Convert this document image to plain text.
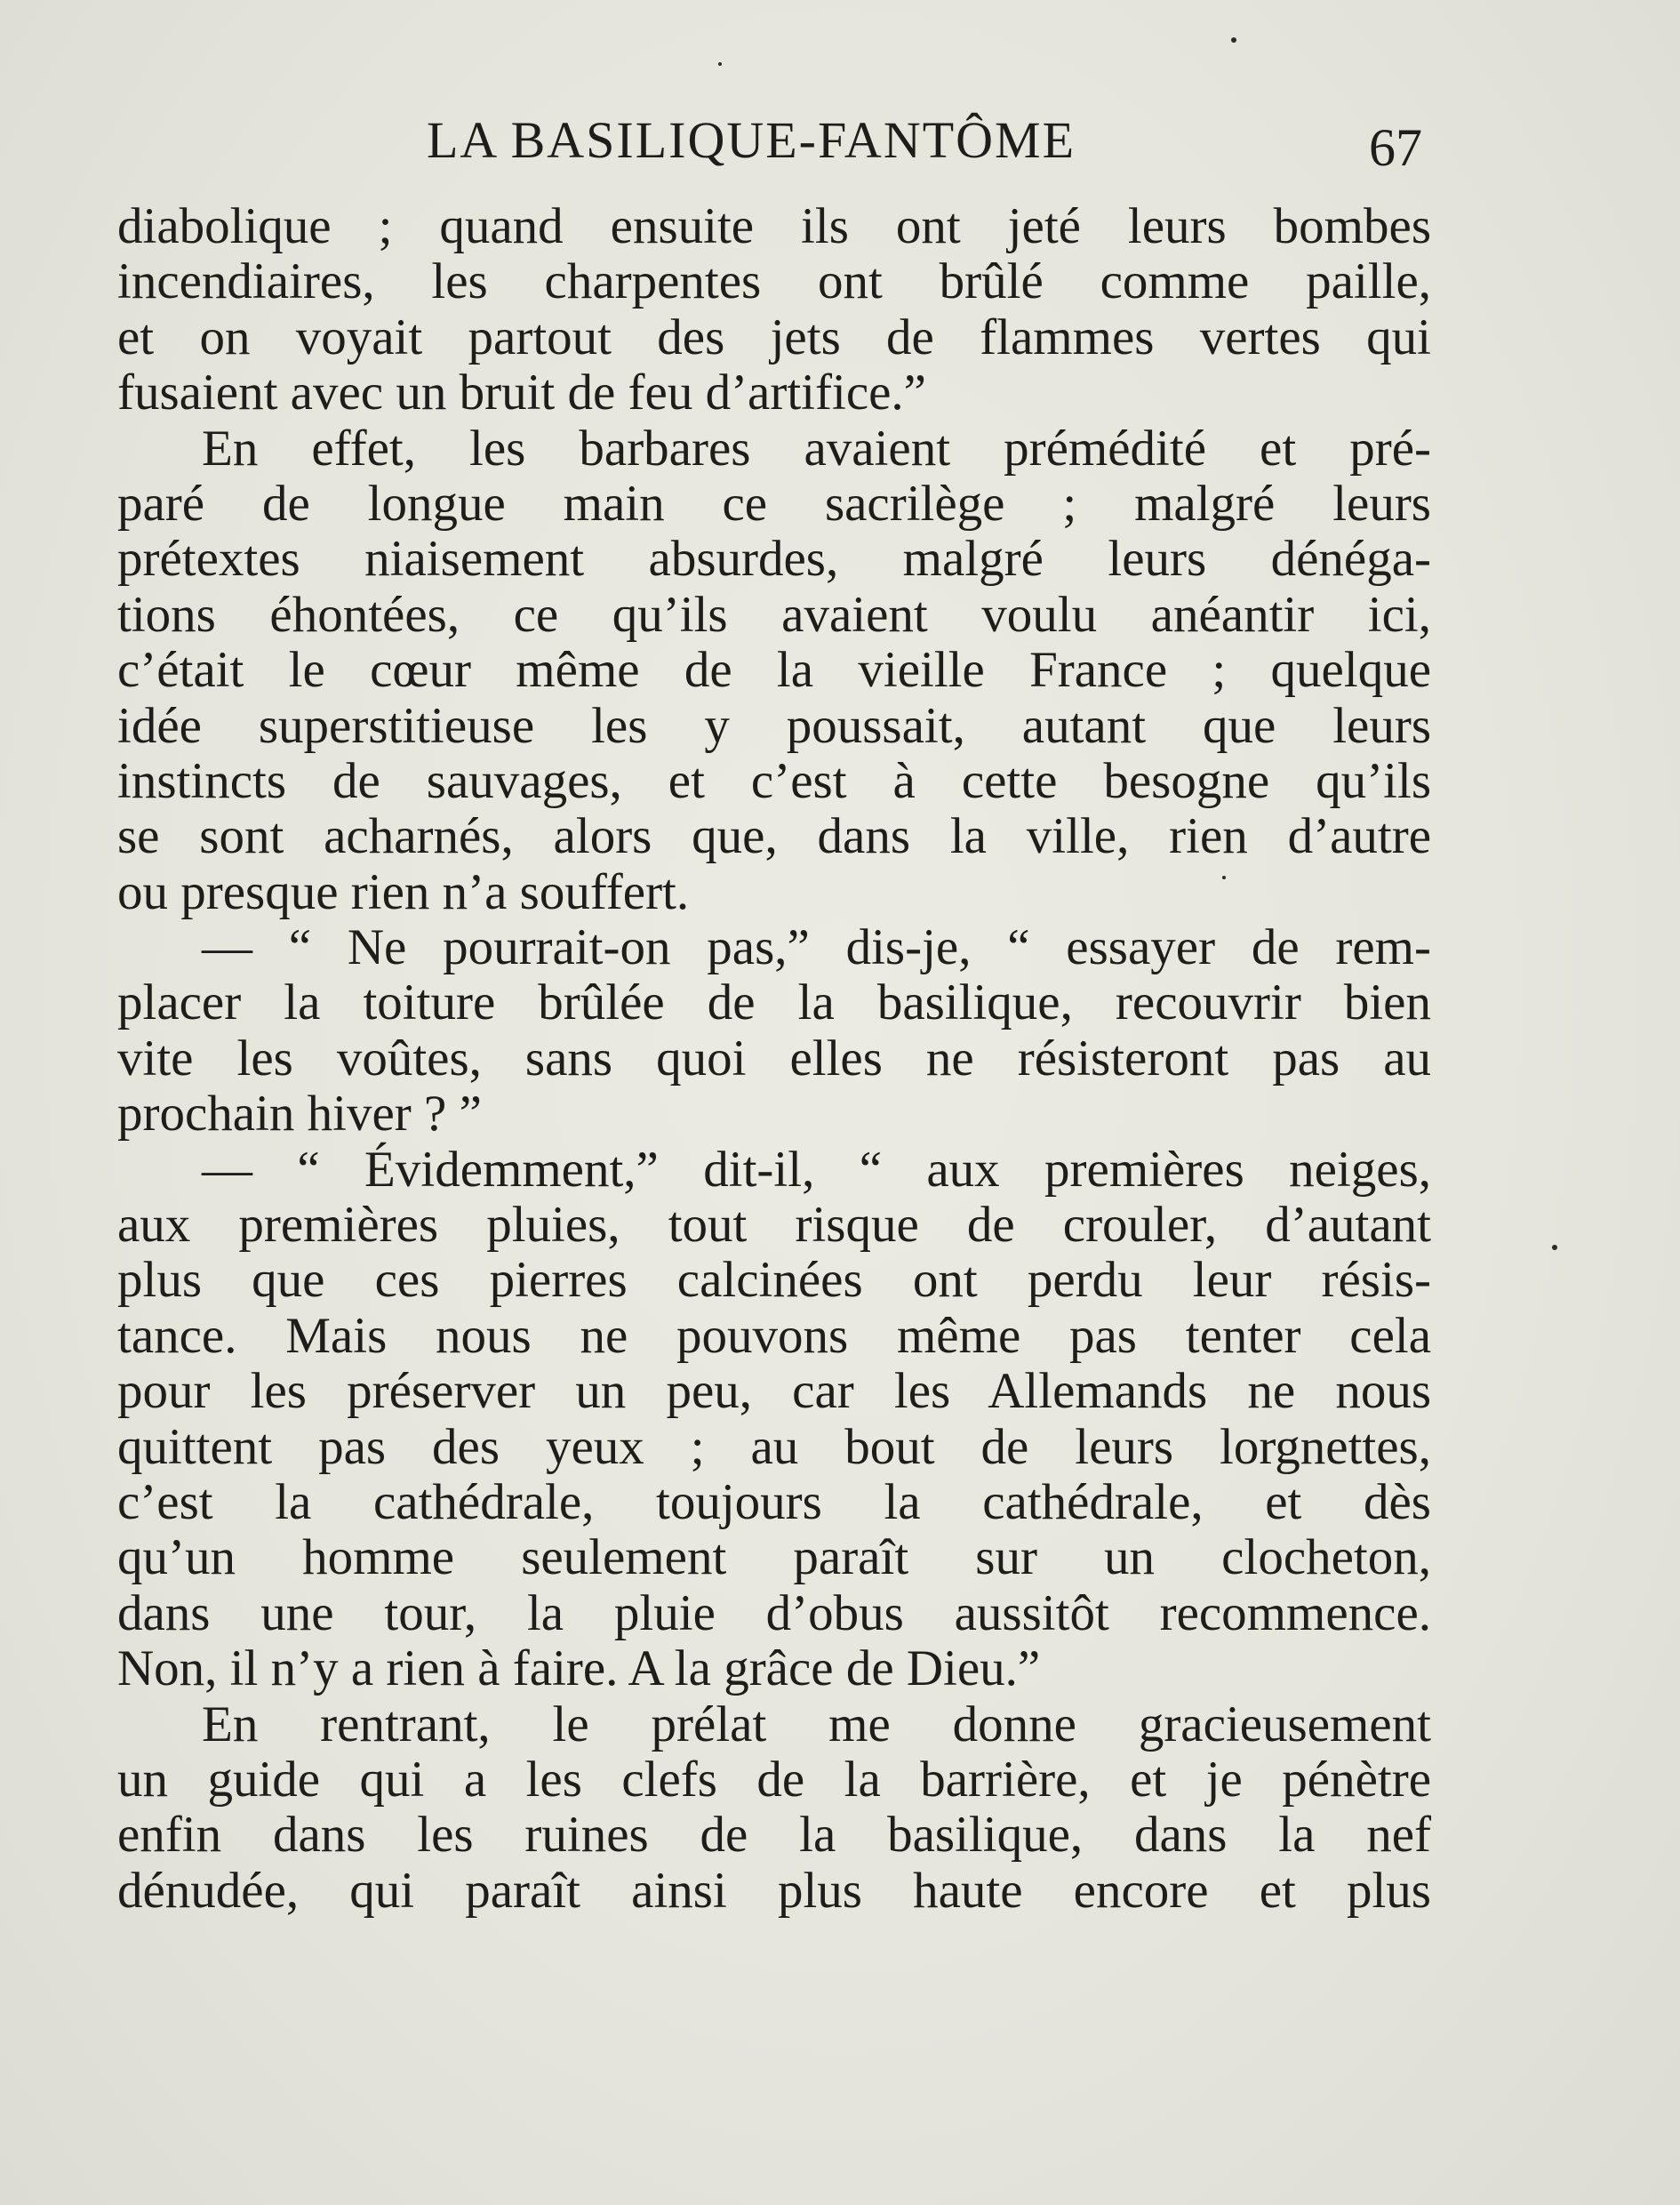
LA BASILIQUE-FANTÔME	67
diabolique ; quand ensuite ils ont jeté leurs bombes
incendiaires, les charpentes ont brûlé comme paille,
et on voyait partout des jets de flammes vertes qui
fusaient avec un bruit de feu d’artifice.”
En effet, les barbares avaient prémédité et pré-
paré de longue main ce sacrilège ; malgré leurs
prétextes niaisement absurdes, malgré leurs dénéga-
tions éhontées, ce qu’ils avaient voulu anéantir ici,
c’était le cœur même de la vieille France ; quelque
idée superstitieuse les y poussait, autant que leurs
instincts de sauvages, et c’est à cette besogne qu’ils
se sont acharnés, alors que, dans la ville, rien d’autre
ou presque rien n’a souffert.
— “ Ne pourrait-on pas,” dis-je, “ essayer de rem-
placer la toiture brûlée de la basilique, recouvrir bien
vite les voûtes, sans quoi elles ne résisteront pas au
prochain hiver ? ”
— “ Évidemment,” dit-il, “ aux premières neiges,
aux premières pluies, tout risque de crouler, d’autant
plus que ces pierres calcinées ont perdu leur résis-
tance. Mais nous ne pouvons même pas tenter cela
pour les préserver un peu, car les Allemands ne nous
quittent pas des yeux ; au bout de leurs lorgnettes,
c’est la cathédrale, toujours la cathédrale, et dès
qu’un homme seulement paraît sur un clocheton,
dans une tour, la pluie d’obus aussitôt recommence.
Non, il n’y a rien à faire. A la grâce de Dieu.”
En rentrant, le prélat me donne gracieusement
un guide qui a les clefs de la barrière, et je pénètre
enfin dans les ruines de la basilique, dans la nef
dénudée, qui paraît ainsi plus haute encore et plus
